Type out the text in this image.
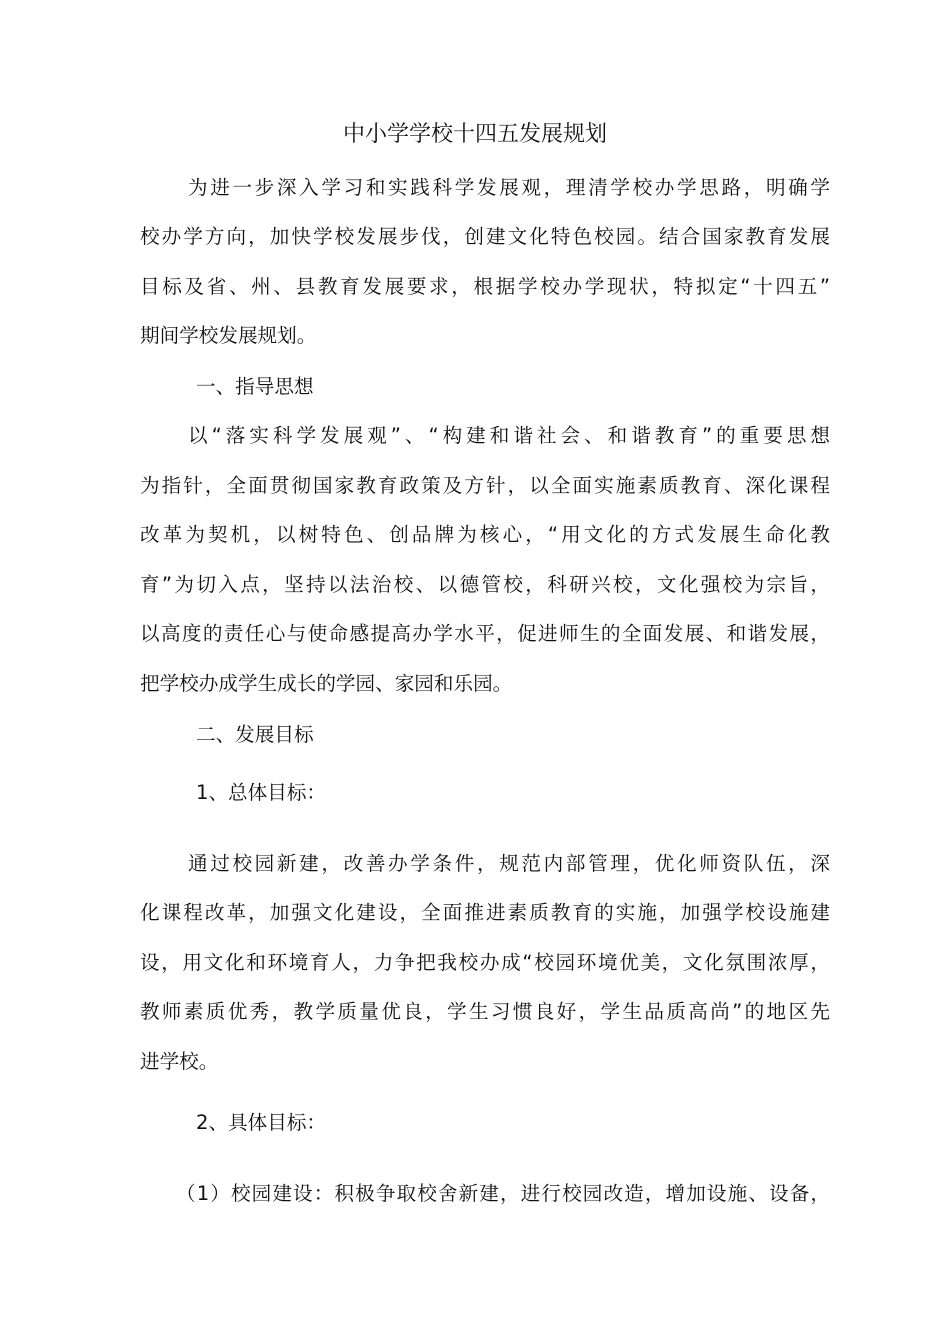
中小学学校十四五发展规划
为进一步深入学习和实践科学发展观，理清学校办学思路，明确学
校办学方向，加快学校发展步伐，创建文化特色校园。结合国家教育发展
目标及省、州、县教育发展要求，根据学校办学现状，特拟定“十四五”
期间学校发展规划。
一、指导思想
以“落实科学发展观”、“构建和谐社会、和谐教育”的重要思想
为指针，全面贯彻国家教育政策及方针，以全面实施素质教育、深化课程
改革为契机，以树特色、创品牌为核心，“用文化的方式发展生命化教
育”为切入点，坚持以法治校、以德管校，科研兴校，文化强校为宗旨，
以高度的责任心与使命感提高办学水平，促进师生的全面发展、和谐发展，
把学校办成学生成长的学园、家园和乐园。
二、发展目标
1、总体目标：
通过校园新建，改善办学条件，规范内部管理，优化师资队伍，深
化课程改革，加强文化建设，全面推进素质教育的实施，加强学校设施建
设，用文化和环境育人，力争把我校办成“校园环境优美，文化氛围浓厚，
教师素质优秀，教学质量优良，学生习惯良好，学生品质高尚”的地区先
进学校。
2、具体目标：
（1）校园建设：积极争取校舍新建，进行校园改造，增加设施、设备，
